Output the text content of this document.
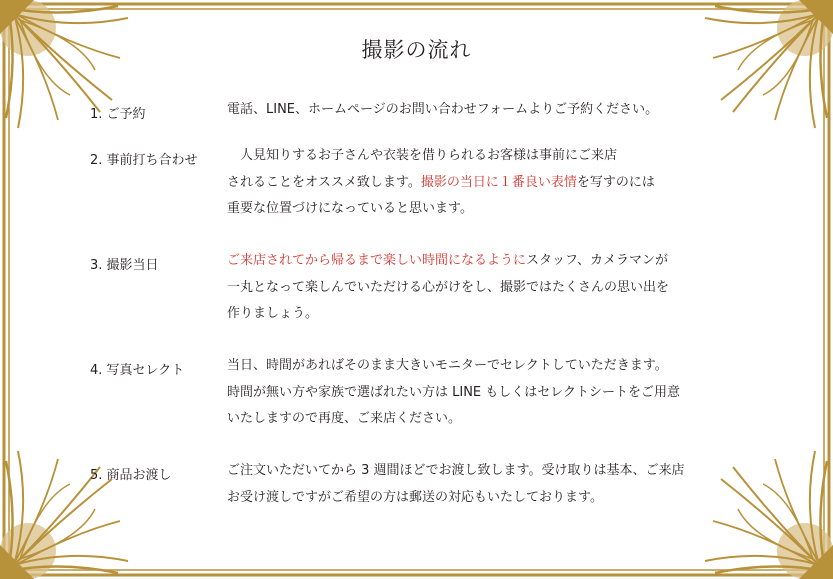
撮影の流れ
1. ご予約	電話、LINE、ホームページのお問い合わせフォームよりご予約ください。
2. 事前打ち合わせ 　人見知りするお子さんや衣装を借りられるお客様は事前にご来店
されることをオススメ致します。撮影の当日に１番良い表情を写すのには
重要な位置づけになっていると思います。
3. 撮影当日	ご来店されてから帰るまで楽しい時間になるようにスタッフ、カメラマンが
一丸となって楽しんでいただける心がけをし、撮影ではたくさんの思い出を
作りましょう。
4. 写真セレクト	当日、時間があればそのまま大きいモニターでセレクトしていただきます。
時間が無い方や家族で選ばれたい方は LINE もしくはセレクトシートをご用意
いたしますので再度、ご来店ください。
5. 商品お渡し	ご注文いただいてから 3 週間ほどでお渡し致します。受け取りは基本、ご来店
お受け渡しですがご希望の方は郵送の対応もいたしております。
